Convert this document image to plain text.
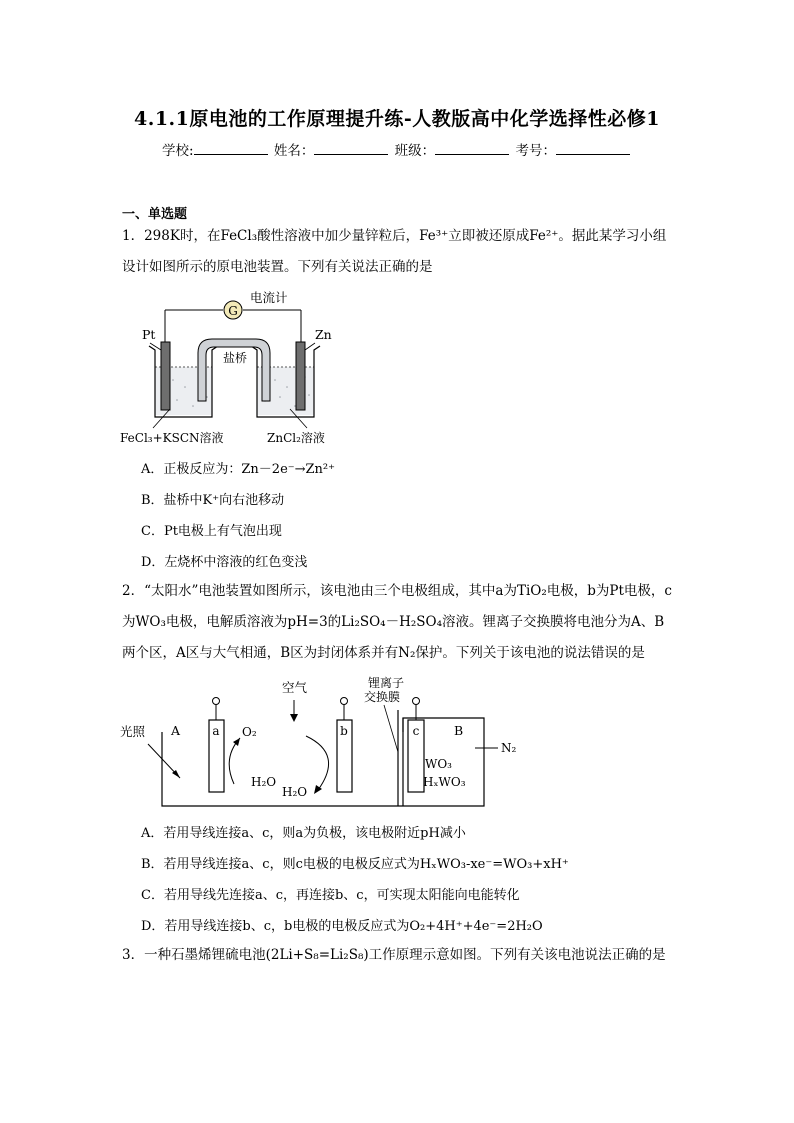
4.1.1原电池的工作原理提升练-人教版高中化学选择性必修1
学校:	姓名：	班级：	考号：
一、单选题
1．298K时，在FeCl₃酸性溶液中加少量锌粒后，Fe³⁺立即被还原成Fe²⁺。据此某学习小组
设计如图所示的原电池装置。下列有关说法正确的是
G
电流计
盐桥
Pt	Zn
FeCl₃+KSCN溶液	ZnCl₂溶液
A．正极反应为：Zn－2e⁻→Zn²⁺
B．盐桥中K⁺向右池移动
C．Pt电极上有气泡出现
D．左烧杯中溶液的红色变浅
2．“太阳水”电池装置如图所示，该电池由三个电极组成，其中a为TiO₂电极，b为Pt电极，c
为WO₃电极，电解质溶液为pH=3的Li₂SO₄－H₂SO₄溶液。锂离子交换膜将电池分为A、B
两个区，A区与大气相通，B区为封闭体系并有N₂保护。下列关于该电池的说法错误的是
锂离子
交换膜
光照 A	a	b	c
O₂
空气
H₂O
H₂O
B
WO₃
HₓWO₃
N₂
A．若用导线连接a、c，则a为负极，该电极附近pH减小
B．若用导线连接a、c，则c电极的电极反应式为HₓWO₃-xe⁻=WO₃+xH⁺
C．若用导线先连接a、c，再连接b、c，可实现太阳能向电能转化
D．若用导线连接b、c，b电极的电极反应式为O₂+4H⁺+4e⁻=2H₂O
3．一种石墨烯锂硫电池(2Li+S₈=Li₂S₈)工作原理示意如图。下列有关该电池说法正确的是
